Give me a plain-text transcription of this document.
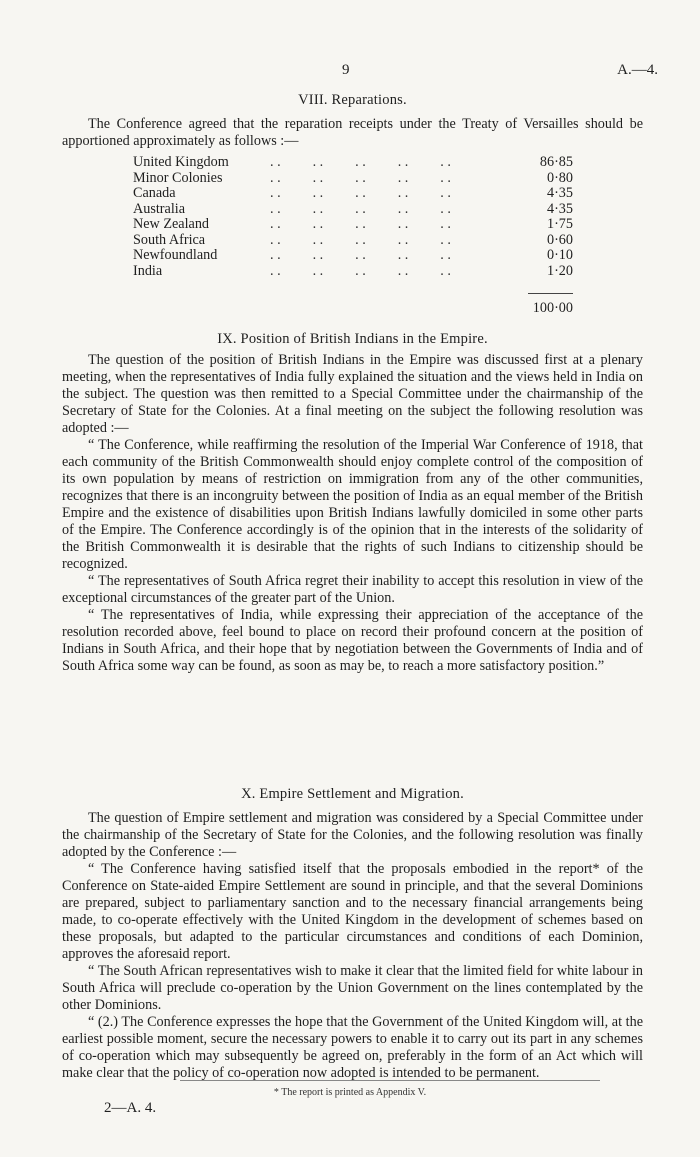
9	A.—4.
VIII. Reparations.

The Conference agreed that the reparation receipts under the Treaty of Versailles should be apportioned approximately as follows :—

United Kingdom	. .         . .         . .         . .         . .	86·85
Minor Colonies	. .         . .         . .         . .         . .	0·80
Canada	. .         . .         . .         . .         . .	4·35
Australia	. .         . .         . .         . .         . .	4·35
New Zealand	. .         . .         . .         . .         . .	1·75
South Africa	. .         . .         . .         . .         . .	0·60
Newfoundland	. .         . .         . .         . .         . .	0·10
India	. .         . .         . .         . .         . .	1·20
100·00
IX. Position of British Indians in the Empire.

The question of the position of British Indians in the Empire was discussed first at a plenary meeting, when the representatives of India fully explained the situation and the views held in India on the subject. The question was then remitted to a Special Committee under the chairmanship of the Secretary of State for the Colonies. At a final meeting on the subject the following resolution was adopted :—

“ The Conference, while reaffirming the resolution of the Imperial War Conference of 1918, that each community of the British Commonwealth should enjoy complete control of the composition of its own population by means of restriction on immigration from any of the other communities, recognizes that there is an incongruity between the position of India as an equal member of the British Empire and the existence of disabilities upon British Indians lawfully domiciled in some other parts of the Empire. The Conference accordingly is of the opinion that in the interests of the solidarity of the British Commonwealth it is desirable that the rights of such Indians to citizenship should be recognized.

“ The representatives of South Africa regret their inability to accept this resolution in view of the exceptional circumstances of the greater part of the Union.

“ The representatives of India, while expressing their appreciation of the acceptance of the resolution recorded above, feel bound to place on record their profound concern at the position of Indians in South Africa, and their hope that by negotiation between the Governments of India and of South Africa some way can be found, as soon as may be, to reach a more satisfactory position.”

X. Empire Settlement and Migration.

The question of Empire settlement and migration was considered by a Special Committee under the chairmanship of the Secretary of State for the Colonies, and the following resolution was finally adopted by the Conference :—

“ The Conference having satisfied itself that the proposals embodied in the report* of the Conference on State-aided Empire Settlement are sound in principle, and that the several Dominions are prepared, subject to parliamentary sanction and to the necessary financial arrangements being made, to co-operate effectively with the United Kingdom in the development of schemes based on these proposals, but adapted to the particular circumstances and conditions of each Dominion, approves the aforesaid report.

“ The South African representatives wish to make it clear that the limited field for white labour in South Africa will preclude co-operation by the Union Government on the lines contemplated by the other Dominions.

“ (2.) The Conference expresses the hope that the Government of the United Kingdom will, at the earliest possible moment, secure the necessary powers to enable it to carry out its part in any schemes of co-operation which may subsequently be agreed on, preferably in the form of an Act which will make clear that the policy of co-operation now adopted is intended to be permanent.

* The report is printed as Appendix V.
2—A. 4.
